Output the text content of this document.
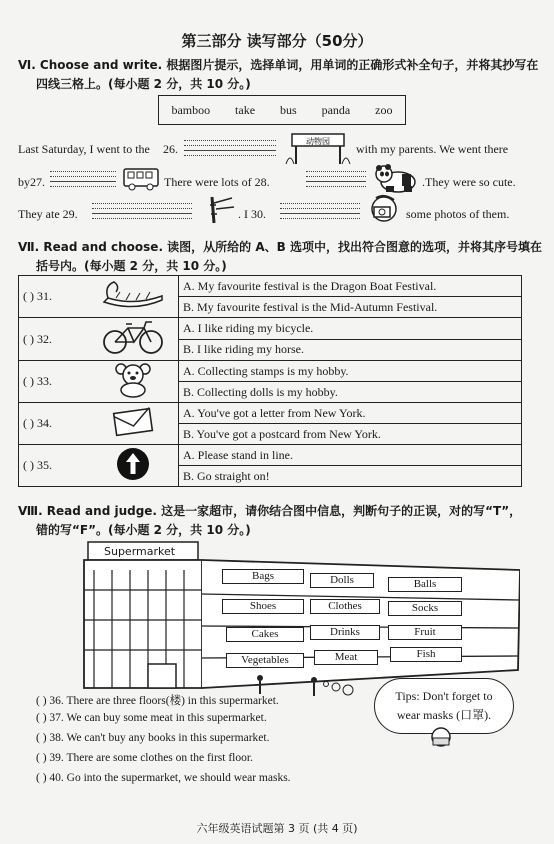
第三部分 读写部分（50分）
Ⅵ. Choose and write. 根据图片提示，选择单词，用单词的正确形式补全句子，并将其抄写在
四线三格上。(每小题 2 分，共 10 分。)
bamboo take bus panda zoo
Last Saturday, I went to the 26.
动物园
with my parents. We went there
by27.	There were lots of 28.	.They were so cute.
They ate 29.	. I 30.	some photos of them.
Ⅶ. Read and choose. 读图，从所给的 A、B 选项中，找出符合图意的选项，并将其序号填在
括号内。(每小题 2 分，共 10 分。)
( ) 31.		A. My favourite festival is the Dragon Boat Festival.
		B. My favourite festival is the Mid-Autumn Festival.
( ) 32.		A. I like riding my bicycle.
		B. I like riding my horse.
( ) 33.		A. Collecting stamps is my hobby.
		B. Collecting dolls is my hobby.
( ) 34.		A. You've got a letter from New York.
		B. You've got a postcard from New York.
( ) 35.		A. Please stand in line.
		B. Go straight on!
Ⅷ. Read and judge. 这是一家超市，请你结合图中信息，判断句子的正误，对的写“T”，
错的写“F”。(每小题 2 分，共 10 分。)
Supermarket
Bags	Dolls	Balls
Shoes	Clothes	Socks
Cakes	Drinks	Fruit
Vegetables	Meat	Fish
Tips: Don't forget to
wear masks (口罩).
( ) 36. There are three floors(楼) in this supermarket.
( ) 37. We can buy some meat in this supermarket.
( ) 38. We can't buy any books in this supermarket.
( ) 39. There are some clothes on the first floor.
( ) 40. Go into the supermarket, we should wear masks.
六年级英语试题第 3 页 (共 4 页)
